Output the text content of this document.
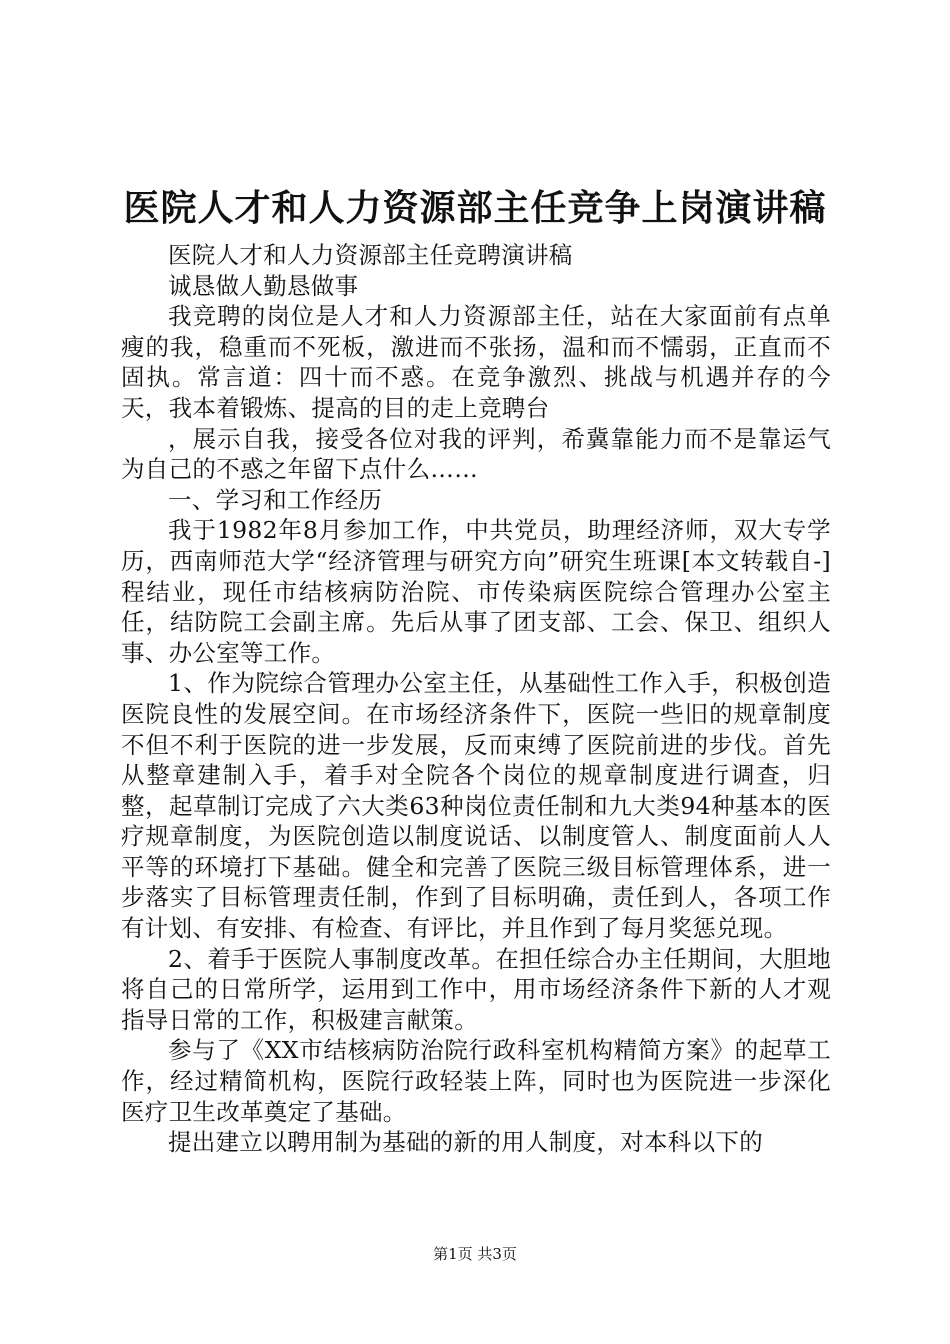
医院人才和人力资源部主任竞争上岗演讲稿

医院人才和人力资源部主任竞聘演讲稿

诚恳做人勤恳做事

我竞聘的岗位是人才和人力资源部主任，站在大家面前有点单瘦的我，稳重而不死板，激进而不张扬，温和而不懦弱，正直而不固执。常言道：四十而不惑。在竞争激烈、挑战与机遇并存的今天，我本着锻炼、提高的目的走上竞聘台

，展示自我，接受各位对我的评判，希冀靠能力而不是靠运气为自己的不惑之年留下点什么……

一、学习和工作经历

我于1982年8月参加工作，中共党员，助理经济师，双大专学历，西南师范大学“经济管理与研究方向”研究生班课[本文转载自-]程结业，现任市结核病防治院、市传染病医院综合管理办公室主任，结防院工会副主席。先后从事了团支部、工会、保卫、组织人事、办公室等工作。

1、作为院综合管理办公室主任，从基础性工作入手，积极创造医院良性的发展空间。在市场经济条件下，医院一些旧的规章制度不但不利于医院的进一步发展，反而束缚了医院前进的步伐。首先从整章建制入手，着手对全院各个岗位的规章制度进行调查，归整，起草制订完成了六大类63种岗位责任制和九大类94种基本的医疗规章制度，为医院创造以制度说话、以制度管人、制度面前人人平等的环境打下基础。健全和完善了医院三级目标管理体系，进一步落实了目标管理责任制，作到了目标明确，责任到人，各项工作有计划、有安排、有检查、有评比，并且作到了每月奖惩兑现。

2、着手于医院人事制度改革。在担任综合办主任期间，大胆地将自己的日常所学，运用到工作中，用市场经济条件下新的人才观指导日常的工作，积极建言献策。

参与了《XX市结核病防治院行政科室机构精简方案》的起草工作，经过精简机构，医院行政轻装上阵，同时也为医院进一步深化医疗卫生改革奠定了基础。

提出建立以聘用制为基础的新的用人制度，对本科以下的

第1页 共3页
